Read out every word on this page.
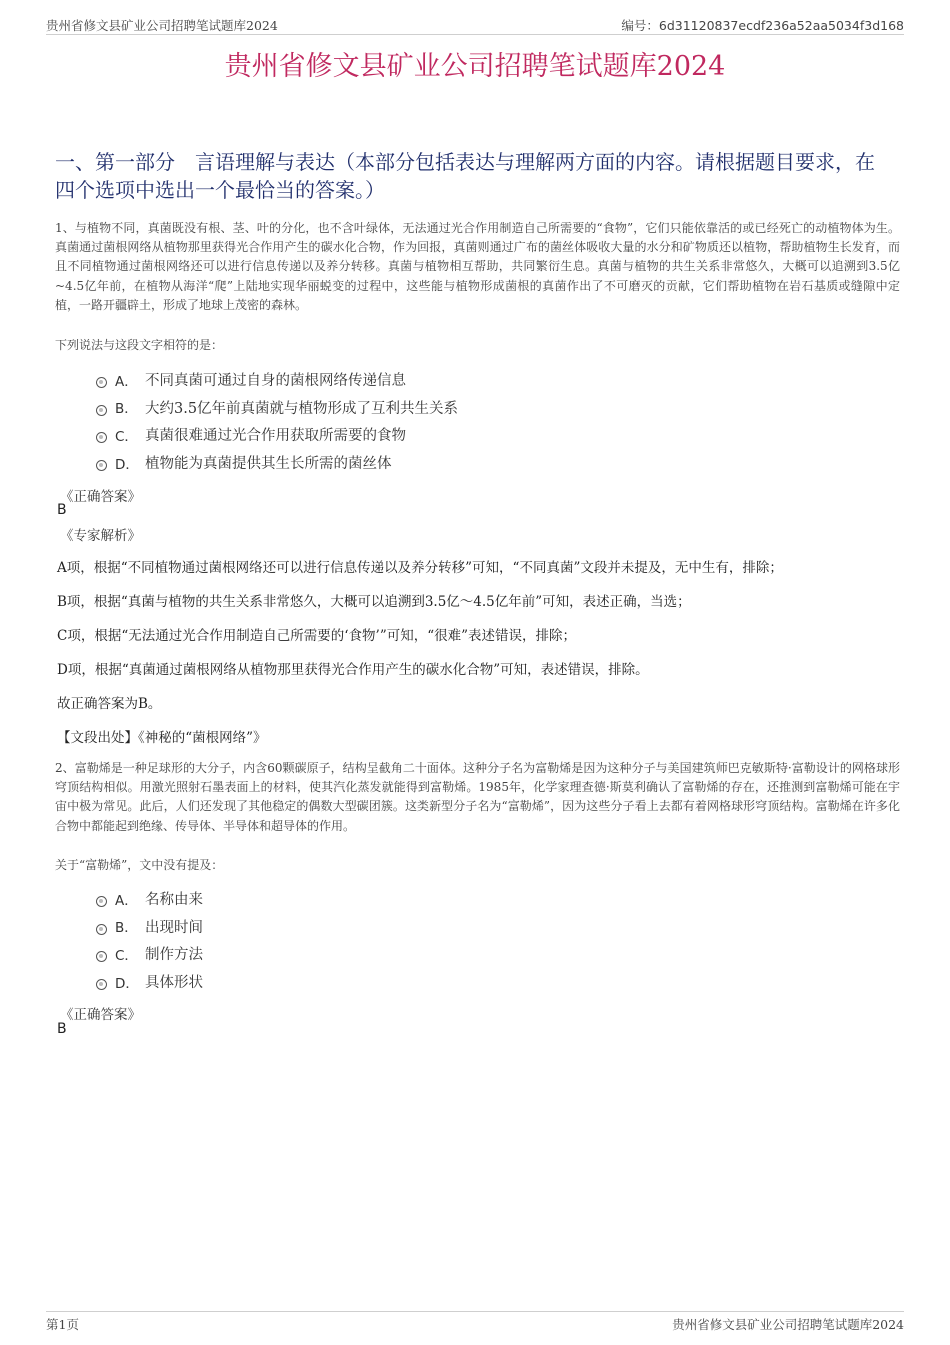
贵州省修文县矿业公司招聘笔试题库2024	编号：6d31120837ecdf236a52aa5034f3d168
贵州省修文县矿业公司招聘笔试题库2024
一、第一部分　言语理解与表达（本部分包括表达与理解两方面的内容。请根据题目要求，在四个选项中选出一个最恰当的答案。）
1、与植物不同，真菌既没有根、茎、叶的分化，也不含叶绿体，无法通过光合作用制造自己所需要的“食物”，它们只能依靠活的或已经死亡的动植物体为生。真菌通过菌根网络从植物那里获得光合作用产生的碳水化合物，作为回报，真菌则通过广布的菌丝体吸收大量的水分和矿物质还以植物，帮助植物生长发育，而且不同植物通过菌根网络还可以进行信息传递以及养分转移。真菌与植物相互帮助，共同繁衍生息。真菌与植物的共生关系非常悠久，大概可以追溯到3.5亿~4.5亿年前，在植物从海洋“爬”上陆地实现华丽蜕变的过程中，这些能与植物形成菌根的真菌作出了不可磨灭的贡献，它们帮助植物在岩石基质或缝隙中定植，一路开疆辟土，形成了地球上茂密的森林。
下列说法与这段文字相符的是：
A． 不同真菌可通过自身的菌根网络传递信息
B． 大约3.5亿年前真菌就与植物形成了互利共生关系
C． 真菌很难通过光合作用获取所需要的食物
D． 植物能为真菌提供其生长所需的菌丝体
《正确答案》
B
《专家解析》
A项，根据“不同植物通过菌根网络还可以进行信息传递以及养分转移”可知，“不同真菌”文段并未提及，无中生有，排除；
B项，根据“真菌与植物的共生关系非常悠久，大概可以追溯到3.5亿～4.5亿年前”可知，表述正确，当选；
C项，根据“无法通过光合作用制造自己所需要的‘食物’”可知，“很难”表述错误，排除；
D项，根据“真菌通过菌根网络从植物那里获得光合作用产生的碳水化合物”可知，表述错误，排除。
故正确答案为B。
【文段出处】《神秘的“菌根网络”》
2、富勒烯是一种足球形的大分子，内含60颗碳原子，结构呈截角二十面体。这种分子名为富勒烯是因为这种分子与美国建筑师巴克敏斯特·富勒设计的网格球形穹顶结构相似。用激光照射石墨表面上的材料，使其汽化蒸发就能得到富勒烯。1985年，化学家理查德·斯莫利确认了富勒烯的存在，还推测到富勒烯可能在宇宙中极为常见。此后，人们还发现了其他稳定的偶数大型碳团簇。这类新型分子名为“富勒烯”，因为这些分子看上去都有着网格球形穹顶结构。富勒烯在许多化合物中都能起到绝缘、传导体、半导体和超导体的作用。
关于“富勒烯”，文中没有提及：
A． 名称由来
B． 出现时间
C． 制作方法
D． 具体形状
《正确答案》
B
第1页	贵州省修文县矿业公司招聘笔试题库2024
